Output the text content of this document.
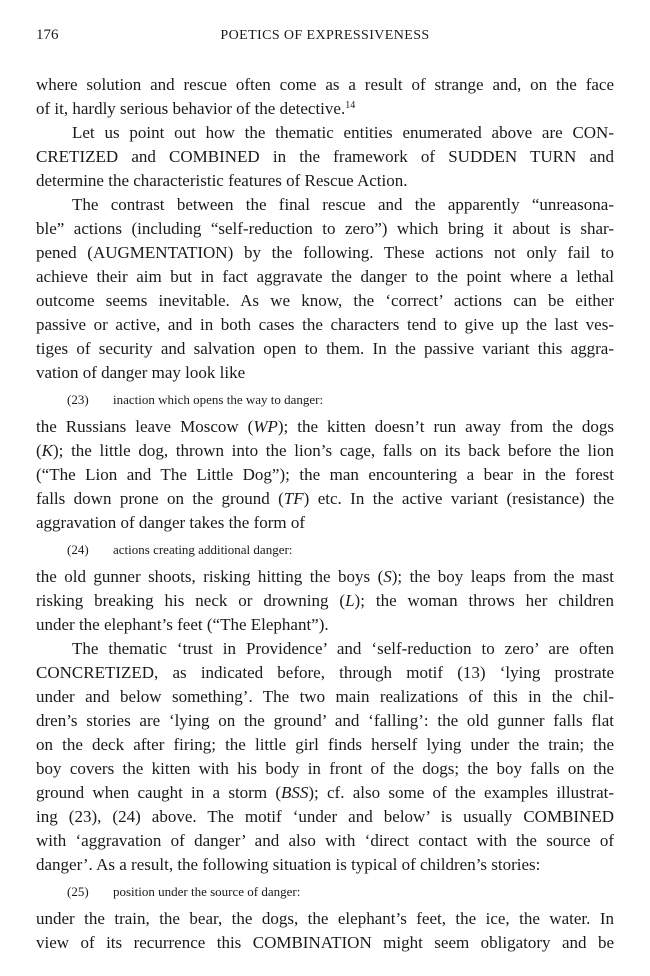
176	POETICS OF EXPRESSIVENESS
where solution and rescue often come as a result of strange and, on the face
of it, hardly serious behavior of the detective.$^{14}$
Let us point out how the thematic entities enumerated above are CON-
CRETIZED and COMBINED in the framework of SUDDEN TURN and
determine the characteristic features of Rescue Action.
The contrast between the final rescue and the apparently “unreasona-
ble” actions (including “self-reduction to zero”) which bring it about is shar-
pened (AUGMENTATION) by the following. These actions not only fail to
achieve their aim but in fact aggravate the danger to the point where a lethal
outcome seems inevitable. As we know, the ‘correct’ actions can be either
passive or active, and in both cases the characters tend to give up the last ves-
tiges of security and salvation open to them. In the passive variant this aggra-
vation of danger may look like
(23) inaction which opens the way to danger:
the Russians leave Moscow (WP); the kitten doesn’t run away from the dogs
(K); the little dog, thrown into the lion’s cage, falls on its back before the lion
(“The Lion and The Little Dog”); the man encountering a bear in the forest
falls down prone on the ground (TF) etc. In the active variant (resistance) the
aggravation of danger takes the form of
(24) actions creating additional danger:
the old gunner shoots, risking hitting the boys (S); the boy leaps from the mast
risking breaking his neck or drowning (L); the woman throws her children
under the elephant’s feet (“The Elephant”).
The thematic ‘trust in Providence’ and ‘self-reduction to zero’ are often
CONCRETIZED, as indicated before, through motif (13) ‘lying prostrate
under and below something’. The two main realizations of this in the chil-
dren’s stories are ‘lying on the ground’ and ‘falling’: the old gunner falls flat
on the deck after firing; the little girl finds herself lying under the train; the
boy covers the kitten with his body in front of the dogs; the boy falls on the
ground when caught in a storm (BSS); cf. also some of the examples illustrat-
ing (23), (24) above. The motif ‘under and below’ is usually COMBINED
with ‘aggravation of danger’ and also with ‘direct contact with the source of
danger’. As a result, the following situation is typical of children’s stories:
(25) position under the source of danger:
under the train, the bear, the dogs, the elephant’s feet, the ice, the water. In
view of its recurrence this COMBINATION might seem obligatory and be
